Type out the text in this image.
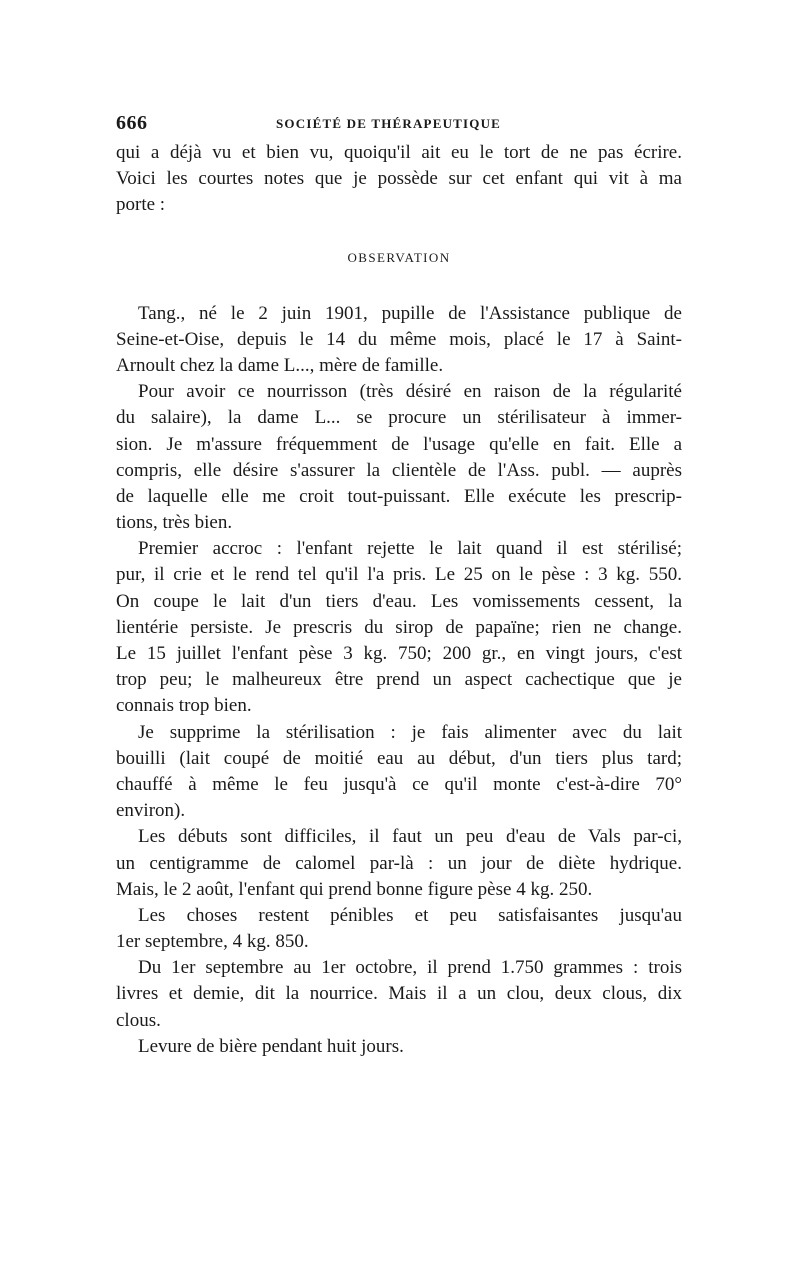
666	SOCIÉTÉ DE THÉRAPEUTIQUE
qui a déjà vu et bien vu, quoiqu'il ait eu le tort de ne pas écrire.
Voici les courtes notes que je possède sur cet enfant qui vit à ma
porte :
OBSERVATION
Tang., né le 2 juin 1901, pupille de l'Assistance publique de
Seine-et-Oise, depuis le 14 du même mois, placé le 17 à Saint-
Arnoult chez la dame L..., mère de famille.
Pour avoir ce nourrisson (très désiré en raison de la régularité
du salaire), la dame L... se procure un stérilisateur à immer-
sion. Je m'assure fréquemment de l'usage qu'elle en fait. Elle a
compris, elle désire s'assurer la clientèle de l'Ass. publ. — auprès
de laquelle elle me croit tout-puissant. Elle exécute les prescrip-
tions, très bien.
Premier accroc : l'enfant rejette le lait quand il est stérilisé;
pur, il crie et le rend tel qu'il l'a pris. Le 25 on le pèse : 3 kg. 550.
On coupe le lait d'un tiers d'eau. Les vomissements cessent, la
lientérie persiste. Je prescris du sirop de papaïne; rien ne change.
Le 15 juillet l'enfant pèse 3 kg. 750; 200 gr., en vingt jours, c'est
trop peu; le malheureux être prend un aspect cachectique que je
connais trop bien.
Je supprime la stérilisation : je fais alimenter avec du lait
bouilli (lait coupé de moitié eau au début, d'un tiers plus tard;
chauffé à même le feu jusqu'à ce qu'il monte c'est-à-dire 70°
environ).
Les débuts sont difficiles, il faut un peu d'eau de Vals par-ci,
un centigramme de calomel par-là : un jour de diète hydrique.
Mais, le 2 août, l'enfant qui prend bonne figure pèse 4 kg. 250.
Les choses restent pénibles et peu satisfaisantes jusqu'au
1er septembre, 4 kg. 850.
Du 1er septembre au 1er octobre, il prend 1.750 grammes : trois
livres et demie, dit la nourrice. Mais il a un clou, deux clous, dix
clous.
Levure de bière pendant huit jours.
